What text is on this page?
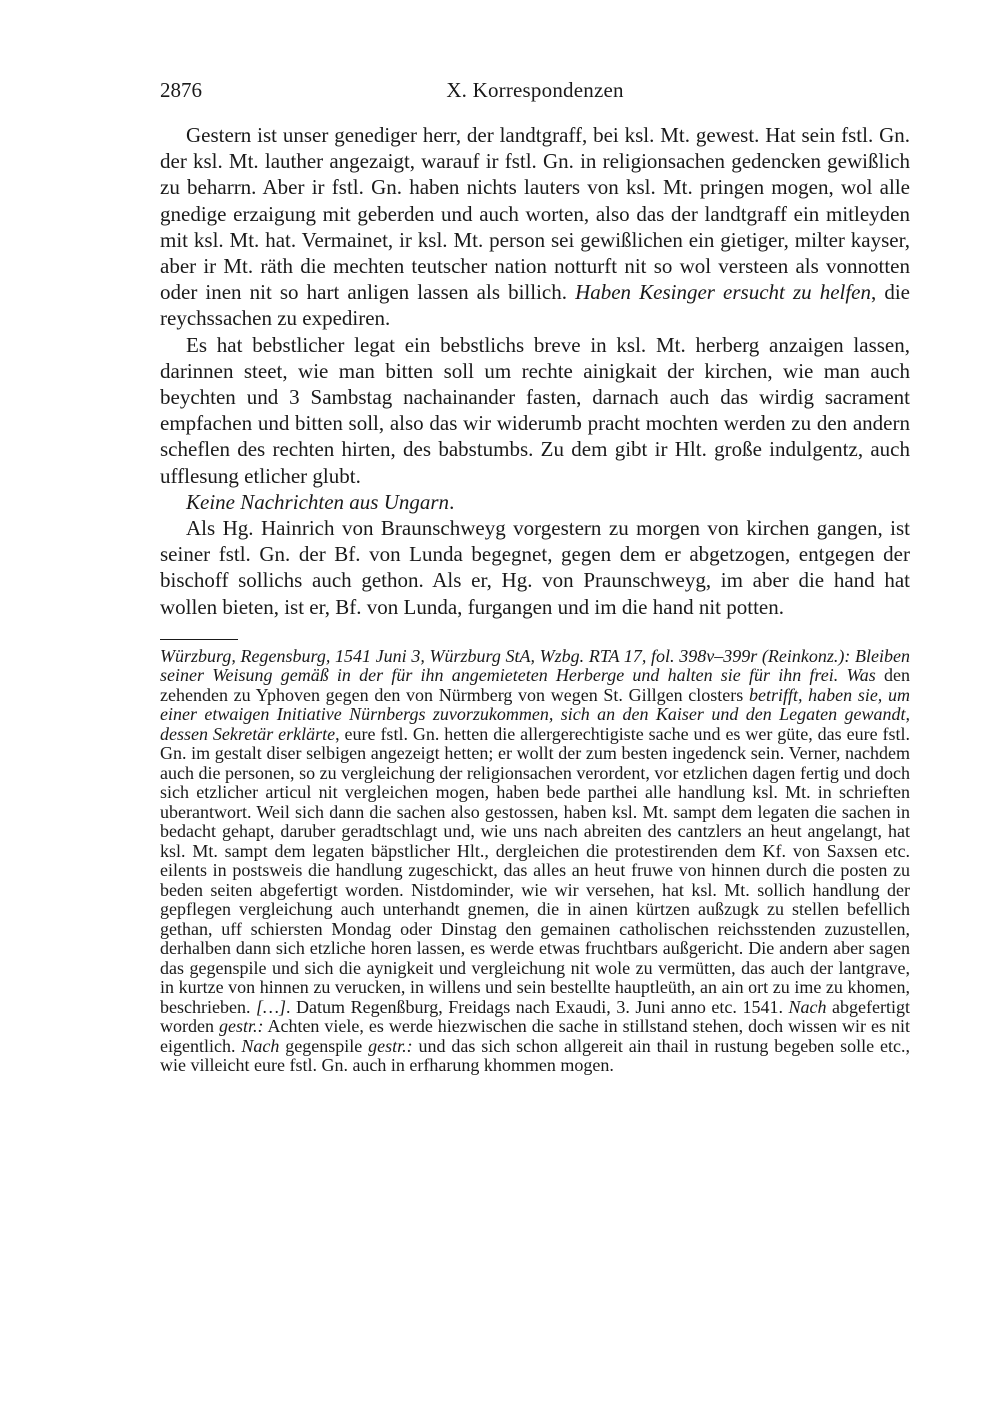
2876	X. Korrespondenzen

Gestern ist unser genediger herr, der landtgraff, bei ksl. Mt. gewest. Hat sein fstl. Gn. der ksl. Mt. lauther angezaigt, warauf ir fstl. Gn. in religionsachen gedencken gewißlich zu beharrn. Aber ir fstl. Gn. haben nichts lauters von ksl. Mt. pringen mogen, wol alle gnedige erzaigung mit geberden und auch worten, also das der landtgraff ein mitleyden mit ksl. Mt. hat. Vermainet, ir ksl. Mt. person sei gewißlichen ein gietiger, milter kayser, aber ir Mt. räth die mechten teutscher nation notturft nit so wol versteen als vonnotten oder inen nit so hart anligen lassen als billich. Haben Kesinger ersucht zu helfen, die reychssachen zu expediren.

Es hat bebstlicher legat ein bebstlichs breve in ksl. Mt. herberg anzaigen lassen, darinnen steet, wie man bitten soll um rechte ainigkait der kirchen, wie man auch beychten und 3 Sambstag nachainander fasten, darnach auch das wirdig sacrament empfachen und bitten soll, also das wir widerumb pracht mochten werden zu den andern scheflen des rechten hirten, des babstumbs. Zu dem gibt ir Hlt. große indulgentz, auch ufflesung etlicher glubt.

Keine Nachrichten aus Ungarn.

Als Hg. Hainrich von Braunschweyg vorgestern zu morgen von kirchen gangen, ist seiner fstl. Gn. der Bf. von Lunda begegnet, gegen dem er abgetzogen, entgegen der bischoff sollichs auch gethon. Als er, Hg. von Praunschweyg, im aber die hand hat wollen bieten, ist er, Bf. von Lunda, furgangen und im die hand nit potten.

Würzburg, Regensburg, 1541 Juni 3, Würzburg StA, Wzbg. RTA 17, fol. 398v–399r (Reinkonz.): Bleiben seiner Weisung gemäß in der für ihn angemieteten Herberge und halten sie für ihn frei. Was den zehenden zu Yphoven gegen den von Nürmberg von wegen St. Gillgen closters betrifft, haben sie, um einer etwaigen Initiative Nürnbergs zuvorzukommen, sich an den Kaiser und den Legaten gewandt, dessen Sekretär erklärte, eure fstl. Gn. hetten die allergerechtigiste sache und es wer güte, das eure fstl. Gn. im gestalt diser selbigen angezeigt hetten; er wollt der zum besten ingedenck sein. Verner, nachdem auch die personen, so zu vergleichung der religionsachen verordent, vor etzlichen dagen fertig und doch sich etzlicher articul nit vergleichen mogen, haben bede parthei alle handlung ksl. Mt. in schrieften uberantwort. Weil sich dann die sachen also gestossen, haben ksl. Mt. sampt dem legaten die sachen in bedacht gehapt, daruber geradtschlagt und, wie uns nach abreiten des cantzlers an heut angelangt, hat ksl. Mt. sampt dem legaten bäpstlicher Hlt., dergleichen die protestirenden dem Kf. von Saxsen etc. eilents in postsweis die handlung zugeschickt, das alles an heut fruwe von hinnen durch die posten zu beden seiten abgefertigt worden. Nistdominder, wie wir versehen, hat ksl. Mt. sollich handlung der gepflegen vergleichung auch unterhandt gnemen, die in ainen kürtzen außzugk zu stellen befellich gethan, uff schiersten Mondag oder Dinstag den gemainen catholischen reichsstenden zuzustellen, derhalben dann sich etzliche horen lassen, es werde etwas fruchtbars außgericht. Die andern aber sagen das gegenspile und sich die aynigkeit und vergleichung nit wole zu vermütten, das auch der lantgrave, in kurtze von hinnen zu verucken, in willens und sein bestellte hauptleüth, an ain ort zu ime zu khomen, beschrieben. […]. Datum Regenßburg, Freidags nach Exaudi, 3. Juni anno etc. 1541. Nach abgefertigt worden gestr.: Achten viele, es werde hiezwischen die sache in stillstand stehen, doch wissen wir es nit eigentlich. Nach gegenspile gestr.: und das sich schon allgereit ain thail in rustung begeben solle etc., wie villeicht eure fstl. Gn. auch in erfharung khommen mogen.
